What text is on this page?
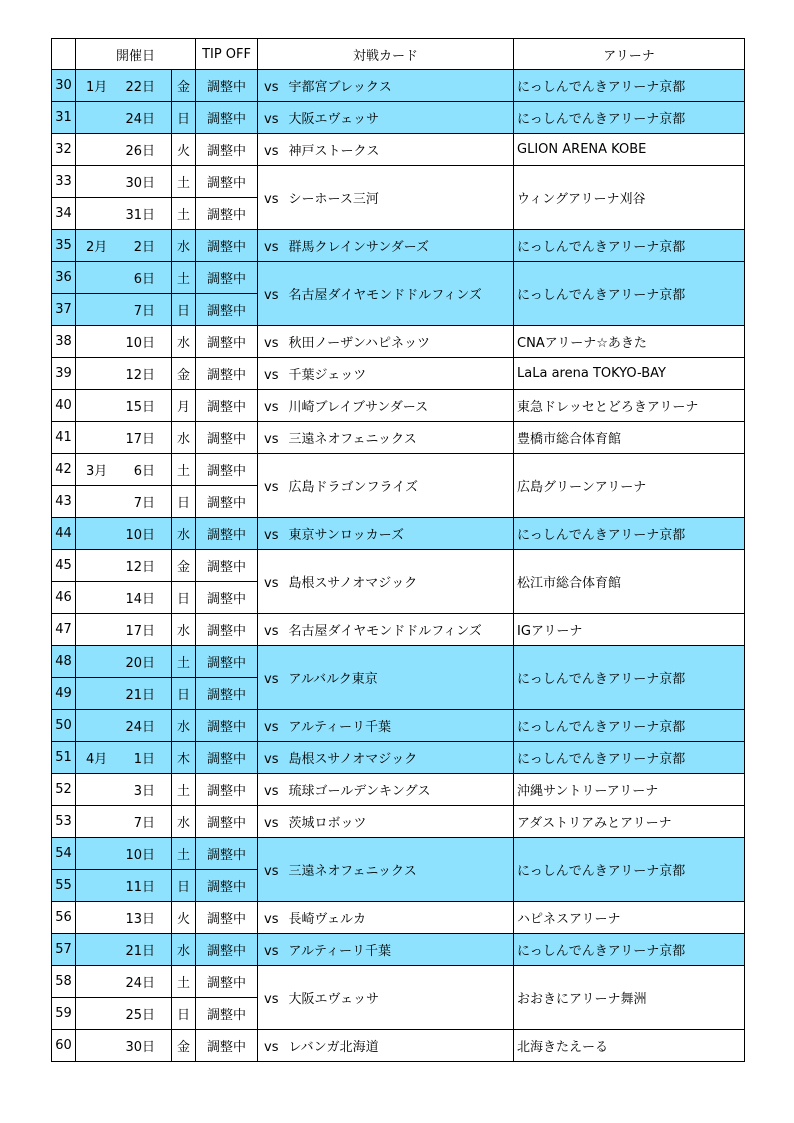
	開催日			TIP OFF	対戦カード	アリーナ
30	1月	22日	金	調整中	vs 宇都宮ブレックス	にっしんでんきアリーナ京都
31		24日	日	調整中	vs 大阪エヴェッサ	にっしんでんきアリーナ京都
32		26日	火	調整中	vs 神戸ストークス	GLION ARENA KOBE
33		30日	土	調整中	vs シーホース三河	ウィングアリーナ刈谷
34		31日	土	調整中		
35	2月	2日	水	調整中	vs 群馬クレインサンダーズ	にっしんでんきアリーナ京都
36		6日	土	調整中	vs 名古屋ダイヤモンドドルフィンズ	にっしんでんきアリーナ京都
37		7日	日	調整中		
38		10日	水	調整中	vs 秋田ノーザンハピネッツ	CNAアリーナ☆あきた
39		12日	金	調整中	vs 千葉ジェッツ	LaLa arena TOKYO-BAY
40		15日	月	調整中	vs 川崎ブレイブサンダース	東急ドレッセとどろきアリーナ
41		17日	水	調整中	vs 三遠ネオフェニックス	豊橋市総合体育館
42	3月	6日	土	調整中	vs 広島ドラゴンフライズ	広島グリーンアリーナ
43		7日	日	調整中		
44		10日	水	調整中	vs 東京サンロッカーズ	にっしんでんきアリーナ京都
45		12日	金	調整中	vs 島根スサノオマジック	松江市総合体育館
46		14日	日	調整中		
47		17日	水	調整中	vs 名古屋ダイヤモンドドルフィンズ	IGアリーナ
48		20日	土	調整中	vs アルバルク東京	にっしんでんきアリーナ京都
49		21日	日	調整中		
50		24日	水	調整中	vs アルティーリ千葉	にっしんでんきアリーナ京都
51	4月	1日	木	調整中	vs 島根スサノオマジック	にっしんでんきアリーナ京都
52		3日	土	調整中	vs 琉球ゴールデンキングス	沖縄サントリーアリーナ
53		7日	水	調整中	vs 茨城ロボッツ	アダストリアみとアリーナ
54		10日	土	調整中	vs 三遠ネオフェニックス	にっしんでんきアリーナ京都
55		11日	日	調整中		
56		13日	火	調整中	vs 長崎ヴェルカ	ハピネスアリーナ
57		21日	水	調整中	vs アルティーリ千葉	にっしんでんきアリーナ京都
58		24日	土	調整中	vs 大阪エヴェッサ	おおきにアリーナ舞洲
59		25日	日	調整中		
60		30日	金	調整中	vs レバンガ北海道	北海きたえーる
